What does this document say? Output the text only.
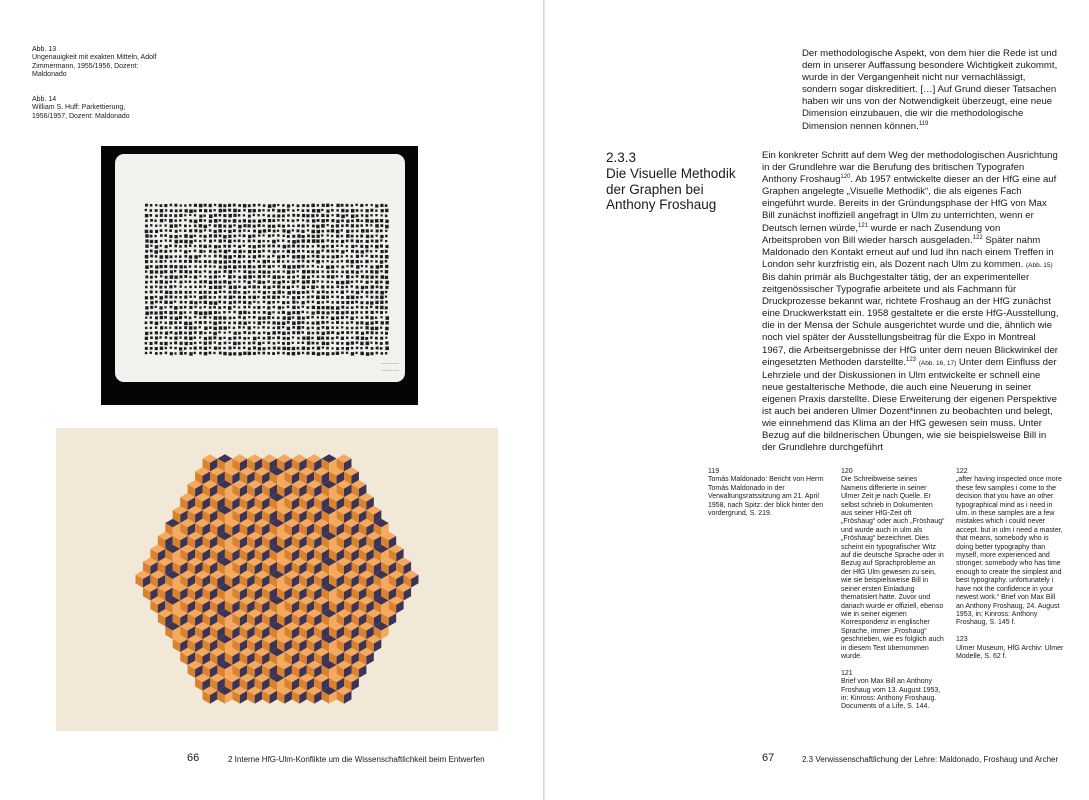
Abb. 13

Ungenauigkeit mit exakten Mitteln, Adolf Zimmermann, 1955/1956, Dozent: Maldonado

Abb. 14

William S. Huff: Parkettierung, 1956/1957, Dozent: Maldonado

66	2 Interne HfG-Ulm-Konflikte um die Wissenschaftlichkeit beim Entwerfen
Der methodologische Aspekt, von dem hier die Rede ist und dem in unserer Auffassung besondere Wichtigkeit zukommt, wurde in der Vergangenheit nicht nur vernachlässigt, sondern sogar diskreditiert. […] Auf Grund dieser Tatsachen haben wir uns von der Notwendigkeit überzeugt, eine neue Dimension einzubauen, die wir die methodologische Dimension nennen können.$^{119}$
2.3.3
Die Visuelle Methodik der Graphen bei Anthony Froshaug
Ein konkreter Schritt auf dem Weg der methodologischen Ausrichtung in der Grundlehre war die Berufung des britischen Typografen Anthony Froshaug$^{120}$. Ab 1957 entwickelte dieser an der HfG eine auf Graphen angelegte „Visuelle Methodik“, die als eigenes Fach eingeführt wurde. Bereits in der Gründungsphase der HfG von Max Bill zunächst inoffiziell angefragt in Ulm zu unterrichten, wenn er Deutsch lernen würde,$^{121}$ wurde er nach Zusendung von Arbeitsproben von Bill wieder harsch ausgeladen.$^{122}$ Später nahm Maldonado den Kontakt erneut auf und lud ihn nach einem Treffen in London sehr kurzfristig ein, als Dozent nach Ulm zu kommen. (Abb. 15) Bis dahin primär als Buchgestalter tätig, der an experimenteller zeitgenössischer Typografie arbeitete und als Fachmann für Druckprozesse bekannt war, richtete Froshaug an der HfG zunächst eine Druckwerkstatt ein. 1958 gestaltete er die erste HfG-Ausstellung, die in der Mensa der Schule ausgerichtet wurde und die, ähnlich wie noch viel später der Ausstellungsbeitrag für die Expo in Montreal 1967, die Arbeitsergebnisse der HfG unter dem neuen Blickwinkel der eingesetzten Methoden darstellte.$^{123}$ (Abb. 16, 17) Unter dem Einfluss der Lehrziele und der Diskussionen in Ulm entwickelte er schnell eine neue gestalterische Methode, die auch eine Neuerung in seiner eigenen Praxis darstellte. Diese Erweiterung der eigenen Perspektive ist auch bei anderen Ulmer Dozent*innen zu beobachten und belegt, wie einnehmend das Klima an der HfG gewesen sein muss. Unter Bezug auf die bildnerischen Übungen, wie sie beispielsweise Bill in der Grundlehre durchgeführt

119
Tomás Maldonado: Bericht von Herrn Tomás Maldonado in der Verwaltungsratssitzung am 21. April 1958, nach Spitz: der blick hinter den vordergrund, S. 219.

120
Die Schreibweise seines Namens differierte in seiner Ulmer Zeit je nach Quelle. Er selbst schrieb in Dokumenten aus seiner HfG-Zeit oft „Fröshaug“ oder auch „Fröshaug“ und wurde auch in ulm als „Fröshaug“ bezeichnet. Dies scheint ein typografischer Witz auf die deutsche Sprache oder in Bezug auf Sprachprobleme an der HfG Ulm gewesen zu sein, wie sie beispielsweise Bill in seiner ersten Einladung thematisiert hatte. Zuvor und danach wurde er offiziell, ebenso wie in seiner eigenen Korrespondenz in englischer Sprache, immer „Froshaug“ geschrieben, wie es folglich auch in diesem Text übernommen wurde.

121
Brief von Max Bill an Anthony Froshaug vom 13. August 1953, in: Kinross: Anthony Froshaug. Documents of a Life, S. 144.

122
„after having inspected once more these few samples i come to the decision that you have an other typographical mind as i need in ulm. in these samples are a few mistakes which i could never accept. but in ulm i need a master, that means, somebody who is doing better typography than myself, more experienced and stronger. somebody who has time enough to create the simplest and best typography. unfortunately i have not the confidence in your newest work.“ Brief von Max Bill an Anthony Froshaug, 24. August 1953, in: Kinross: Anthony Froshaug, S. 145 f.

123
Ulmer Museum, HfG Archiv: Ulmer Modelle, S. 62 f.

67	2.3 Verwissenschaftlichung der Lehre: Maldonado, Froshaug und Archer
